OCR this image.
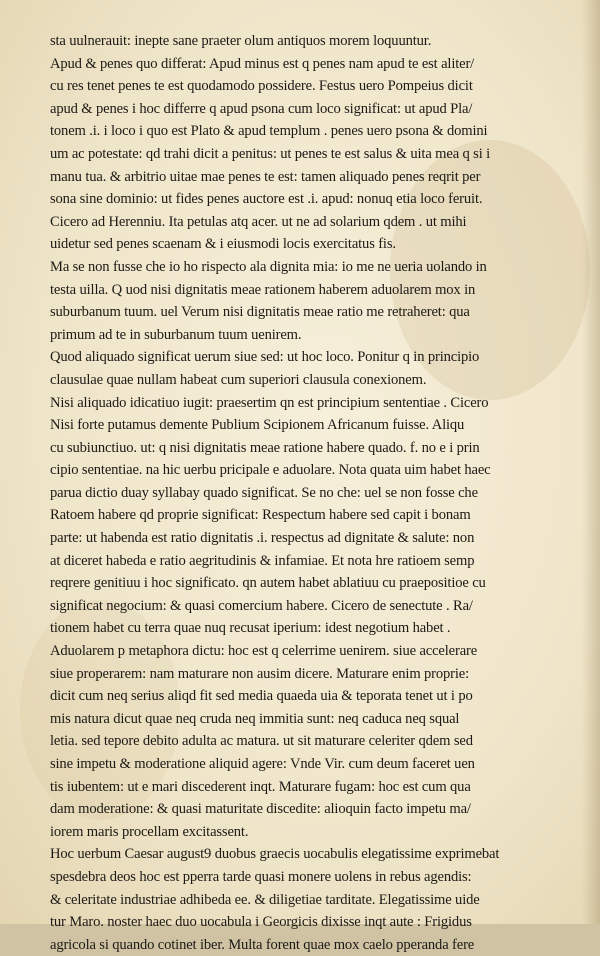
sta uulnerauit: inepte sane praeter olum antiquos morem loquuntur.
Apud & penes quo differat: Apud minus est q penes nam apud te est aliter/
cu res tenet penes te est quodamodo possidere. Festus uero Pompeius dicit
apud & penes i hoc differre q apud psona cum loco significat: ut apud Pla/
tonem .i. i loco i quo est Plato & apud templum . penes uero psona & domini
um ac potestate: qd trahi dicit a penitus: ut penes te est salus & uita mea q si i
manu tua. & arbitrio uitae mae penes te est: tamen aliquado penes reqrit per
sona sine dominio: ut fides penes auctore est .i. apud: nonuq etia loco feruit.
Cicero ad Herenniu. Ita petulas atq acer. ut ne ad solarium qdem . ut mihi
uidetur sed penes scaenam & i eiusmodi locis exercitatus fis.
Ma se non fusse che io ho rispecto ala dignita mia: io me ne ueria uolando in
testa uilla. Q uod nisi dignitatis meae rationem haberem aduolarem mox in
suburbanum tuum. uel Verum nisi dignitatis meae ratio me retraheret: qua
primum ad te in suburbanum tuum uenirem.
Quod aliquado significat uerum siue sed: ut hoc loco. Ponitur q in principio
clausulae quae nullam habeat cum superiori clausula conexionem.
Nisi aliquado idicatiuo iugit: praesertim qn est principium sententiae . Cicero
Nisi forte putamus demente Publium Scipionem Africanum fuisse. Aliqu
cu subiunctiuo. ut: q nisi dignitatis meae ratione habere quado. f. no e i prin
cipio sententiae. na hic uerbu pricipale e aduolare. Nota quata uim habet haec
parua dictio duay syllabay quado significat. Se no che: uel se non fosse che
Ratoem habere qd proprie significat: Respectum habere sed capit i bonam
parte: ut habenda est ratio dignitatis .i. respectus ad dignitate & salute: non
at diceret habeda e ratio aegritudinis & infamiae. Et nota hre ratioem semp
reqrere genitiuu i hoc significato. qn autem habet ablatiuu cu praepositioe cu
significat negocium: & quasi comercium habere. Cicero de senectute . Ra/
tionem habet cu terra quae nuq recusat iperium: idest negotium habet .
Aduolarem p metaphora dictu: hoc est q celerrime uenirem. siue accelerare
siue properarem: nam maturare non ausim dicere. Maturare enim proprie:
dicit cum neq serius aliqd fit sed media quaeda uia & teporata tenet ut i po
mis natura dicut quae neq cruda neq immitia sunt: neq caduca neq squal
letia. sed tepore debito adulta ac matura. ut sit maturare celeriter qdem sed
sine impetu & moderatione aliquid agere: Vnde Vir. cum deum faceret uen
tis iubentem: ut e mari discederent inqt. Maturare fugam: hoc est cum qua
dam moderatione: & quasi maturitate discedite: alioquin facto impetu ma/
iorem maris procellam excitassent.
Hoc uerbum Caesar august9 duobus graecis uocabulis elegatissime exprimebat
spesdebra deos hoc est pperra tarde quasi monere uolens in rebus agendis:
& celeritate industriae adhibeda ee. & diligetiae tarditate. Elegatissime uide
tur Maro. noster haec duo uocabula i Georgicis dixisse inqt aute : Frigidus
agricola si quando cotinet iber. Multa forent quae mox caelo pperanda fere
